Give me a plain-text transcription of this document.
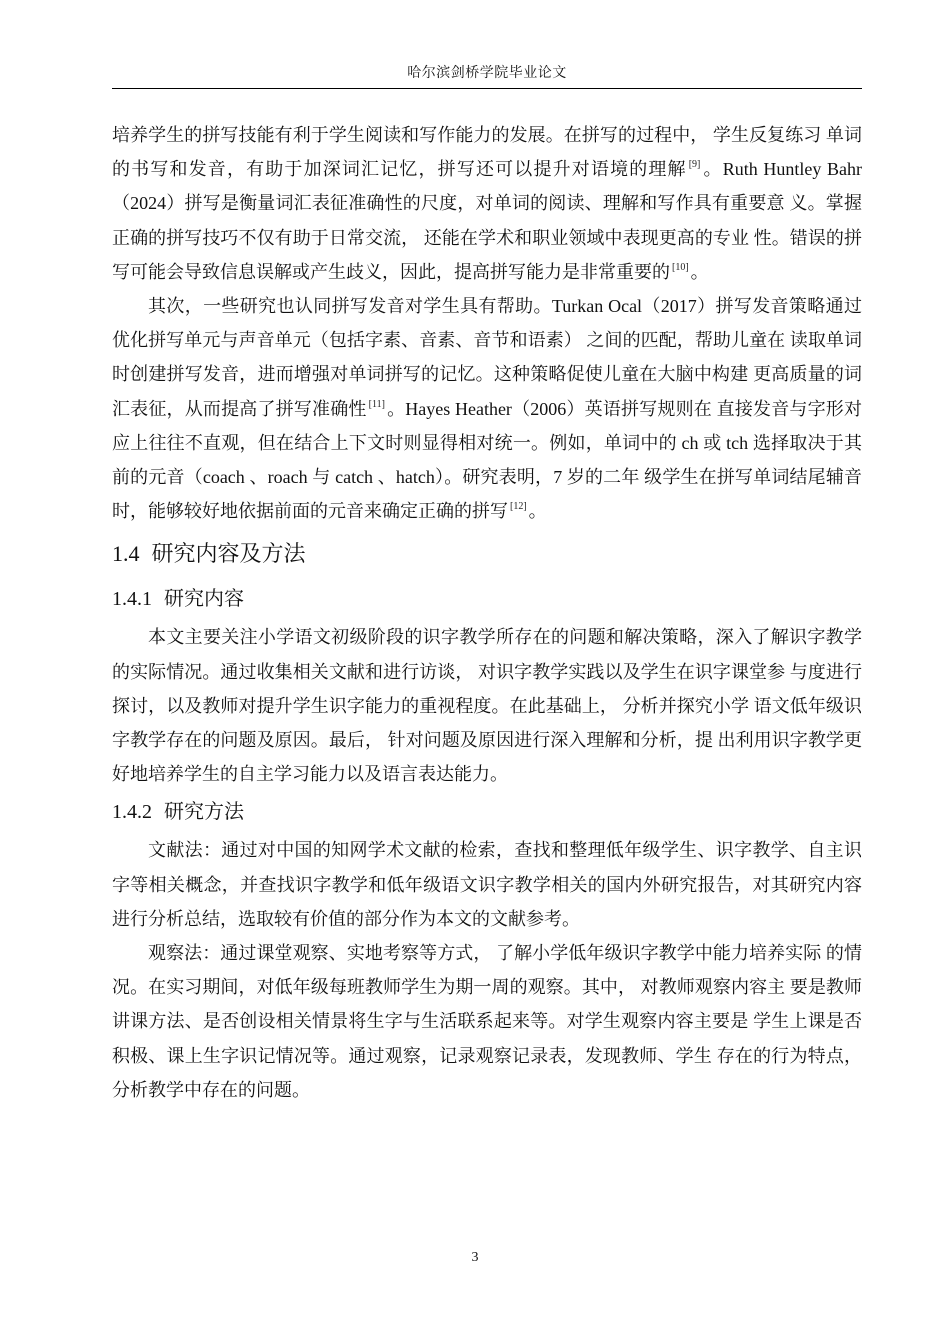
哈尔滨剑桥学院毕业论文

培养学生的拼写技能有利于学生阅读和写作能力的发展。在拼写的过程中， 学生反复练习 单词的书写和发音，有助于加深词汇记忆，拼写还可以提升对语境的理解 [9] 。Ruth Huntley Bahr（2024）拼写是衡量词汇表征准确性的尺度，对单词的阅读、理解和写作具有重要意 义。掌握正确的拼写技巧不仅有助于日常交流， 还能在学术和职业领域中表现更高的专业 性。错误的拼写可能会导致信息误解或产生歧义，因此，提高拼写能力是非常重要的 [10] 。

其次，一些研究也认同拼写发音对学生具有帮助。Turkan Ocal（2017）拼写发音策略通过优化拼写单元与声音单元（包括字素、音素、音节和语素） 之间的匹配，帮助儿童在 读取单词时创建拼写发音，进而增强对单词拼写的记忆。这种策略促使儿童在大脑中构建 更高质量的词汇表征，从而提高了拼写准确性 [11] 。Hayes Heather（2006）英语拼写规则在 直接发音与字形对应上往往不直观，但在结合上下文时则显得相对统一。例如，单词中的 ch 或 tch 选择取决于其前的元音（coach 、roach 与 catch 、hatch）。研究表明，7 岁的二年 级学生在拼写单词结尾辅音时，能够较好地依据前面的元音来确定正确的拼写 [12] 。

1.4 研究内容及方法
1.4.1 研究内容

本文主要关注小学语文初级阶段的识字教学所存在的问题和解决策略，深入了解识字教学的实际情况。通过收集相关文献和进行访谈， 对识字教学实践以及学生在识字课堂参 与度进行探讨，以及教师对提升学生识字能力的重视程度。在此基础上， 分析并探究小学 语文低年级识字教学存在的问题及原因。最后， 针对问题及原因进行深入理解和分析，提 出利用识字教学更好地培养学生的自主学习能力以及语言表达能力。

1.4.2 研究方法

文献法：通过对中国的知网学术文献的检索，查找和整理低年级学生、识字教学、自主识字等相关概念，并查找识字教学和低年级语文识字教学相关的国内外研究报告，对其研究内容进行分析总结，选取较有价值的部分作为本文的文献参考。

观察法：通过课堂观察、实地考察等方式， 了解小学低年级识字教学中能力培养实际 的情况。在实习期间，对低年级每班教师学生为期一周的观察。其中， 对教师观察内容主 要是教师讲课方法、是否创设相关情景将生字与生活联系起来等。对学生观察内容主要是 学生上课是否积极、课上生字识记情况等。通过观察，记录观察记录表，发现教师、学生 存在的行为特点，分析教学中存在的问题。

3
